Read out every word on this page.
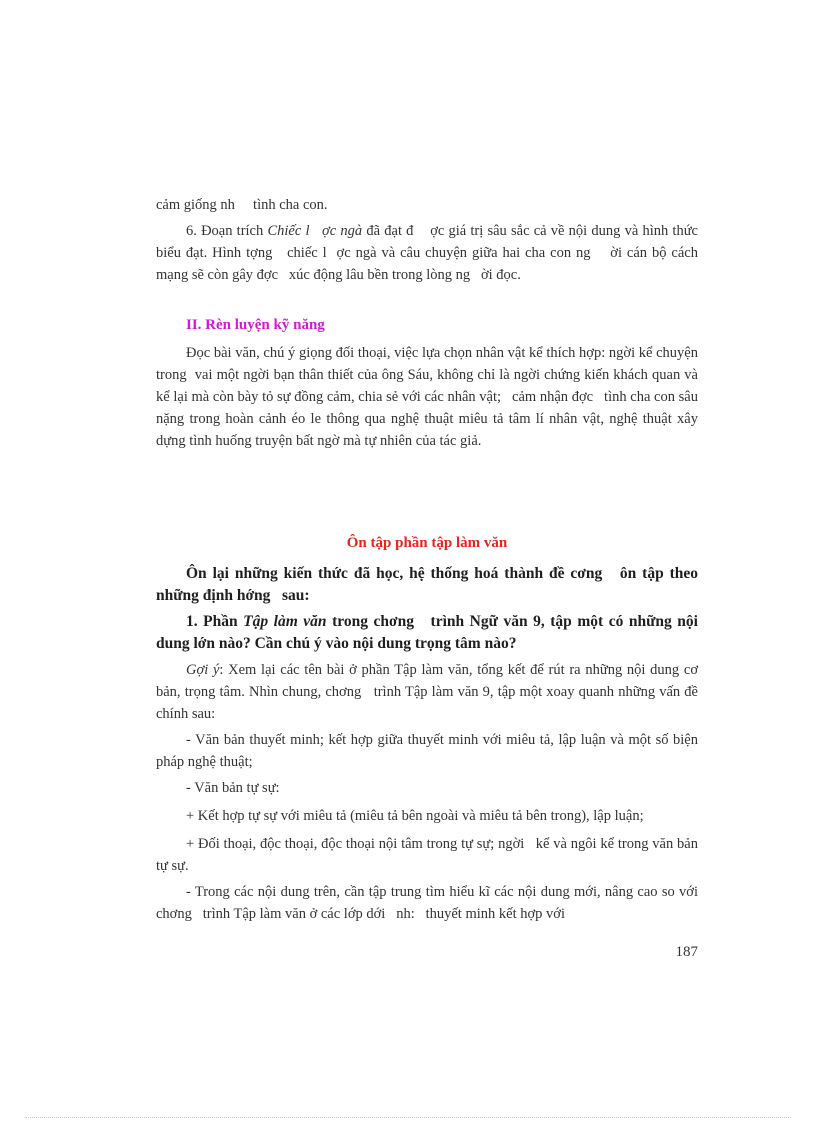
cảm giống nh     tình cha con.

6. Đoạn trích Chiếc l   ợc ngà đã đạt đ    ợc giá trị sâu sắc cả về nội dung và hình thức biểu đạt. Hình tợng   chiếc l  ợc ngà và câu chuyện giữa hai cha con ng    ời cán bộ cách mạng sẽ còn gây đợc   xúc động lâu bền trong lòng ng   ời đọc.

II. Rèn luyện kỹ năng

Đọc bài văn, chú ý giọng đối thoại, việc lựa chọn nhân vật kể thích hợp: ngời kể chuyện trong  vai một ngời bạn thân thiết của ông Sáu, không chỉ là ngời chứng kiến khách quan và kể lại mà còn bày tỏ sự đồng cảm, chia sẻ với các nhân vật;   cảm nhận đợc   tình cha con sâu nặng trong hoàn cảnh éo le thông qua nghệ thuật miêu tả tâm lí nhân vật, nghệ thuật xây dựng tình huống truyện bất ngờ mà tự nhiên của tác giả.

Ôn tập phần tập làm văn

Ôn lại những kiến thức đã học, hệ thống hoá thành đề cơng   ôn tập theo những định hớng   sau:

1. Phần Tập làm văn trong chơng   trình Ngữ văn 9, tập một có những nội dung lớn nào? Cần chú ý vào nội dung trọng tâm nào?

Gợi ý: Xem lại các tên bài ở phần Tập làm văn, tổng kết để rút ra những nội dung cơ bản, trọng tâm. Nhìn chung, chơng   trình Tập làm văn 9, tập một xoay quanh những vấn đề chính sau:

- Văn bản thuyết minh; kết hợp giữa thuyết minh với miêu tả, lập luận và một số biện pháp nghệ thuật;

- Văn bản tự sự:

+ Kết hợp tự sự với miêu tả (miêu tả bên ngoài và miêu tả bên trong), lập luận;

+ Đối thoại, độc thoại, độc thoại nội tâm trong tự sự; ngời   kể và ngôi kể trong văn bản tự sự.

- Trong các nội dung trên, cần tập trung tìm hiểu kĩ các nội dung mới, nâng cao so với chơng   trình Tập làm văn ở các lớp dới   nh:   thuyết minh kết hợp với

187
